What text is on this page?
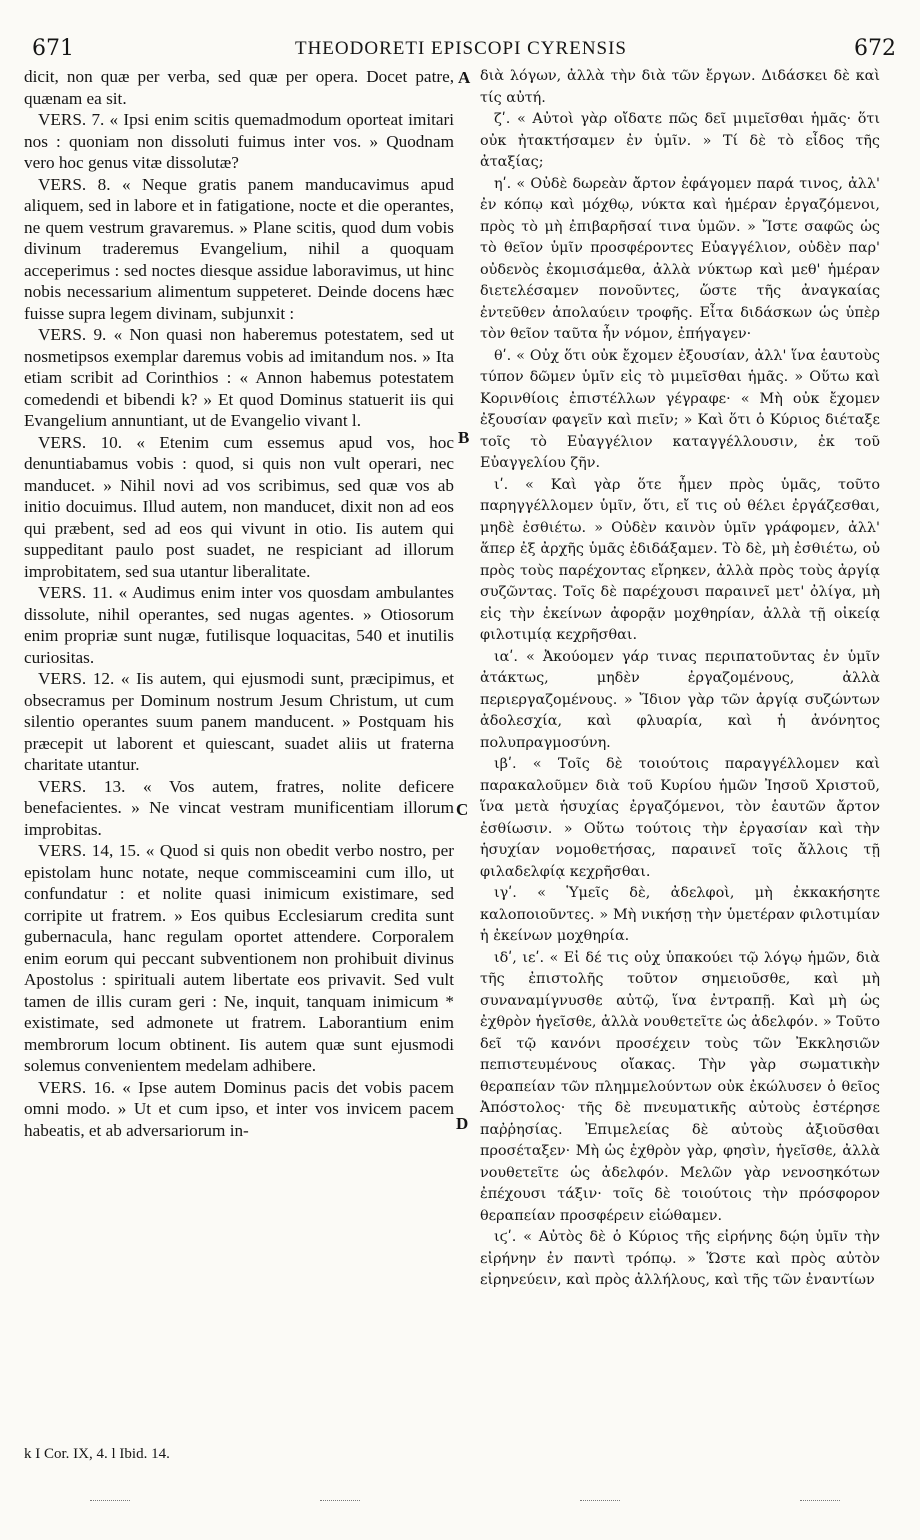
671	THEODORETI EPISCOPI CYRENSIS	672

dicit, non quæ per verba, sed quæ per opera. Docet patre, quænam ea sit.

VERS. 7. « Ipsi enim scitis quemadmodum oporteat imitari nos : quoniam non dissoluti fuimus inter vos. » Quodnam vero hoc genus vitæ dissolutæ?

VERS. 8. « Neque gratis panem manducavimus apud aliquem, sed in labore et in fatigatione, nocte et die operantes, ne quem vestrum gravaremus. » Plane scitis, quod dum vobis divinum traderemus Evangelium, nihil a quoquam acceperimus : sed noctes diesque assidue laboravimus, ut hinc nobis necessarium alimentum suppeteret. Deinde docens hæc fuisse supra legem divinam, subjunxit :

VERS. 9. « Non quasi non haberemus potestatem, sed ut nosmetipsos exemplar daremus vobis ad imitandum nos. » Ita etiam scribit ad Corinthios : « Annon habemus potestatem comedendi et bibendi k? » Et quod Dominus statuerit iis qui Evangelium annuntiant, ut de Evangelio vivant l.

VERS. 10. « Etenim cum essemus apud vos, hoc denuntiabamus vobis : quod, si quis non vult operari, nec manducet. » Nihil novi ad vos scribimus, sed quæ vos ab initio docuimus. Illud autem, non manducet, dixit non ad eos qui præbent, sed ad eos qui vivunt in otio. Iis autem qui suppeditant paulo post suadet, ne respiciant ad illorum improbitatem, sed sua utantur liberalitate.

VERS. 11. « Audimus enim inter vos quosdam ambulantes dissolute, nihil operantes, sed nugas agentes. » Otiosorum enim propriæ sunt nugæ, futilisque loquacitas, 540 et inutilis curiositas.

VERS. 12. « Iis autem, qui ejusmodi sunt, præcipimus, et obsecramus per Dominum nostrum Jesum Christum, ut cum silentio operantes suum panem manducent. » Postquam his præcepit ut laborent et quiescant, suadet aliis ut fraterna charitate utantur.

VERS. 13. « Vos autem, fratres, nolite deficere benefacientes. » Ne vincat vestram munificentiam illorum improbitas.

VERS. 14, 15. « Quod si quis non obedit verbo nostro, per epistolam hunc notate, neque commisceamini cum illo, ut confundatur : et nolite quasi inimicum existimare, sed corripite ut fratrem. » Eos quibus Ecclesiarum credita sunt gubernacula, hanc regulam oportet attendere. Corporalem enim eorum qui peccant subventionem non prohibuit divinus Apostolus : spirituali autem libertate eos privavit. Sed vult tamen de illis curam geri : Ne, inquit, tanquam inimicum * existimate, sed admonete ut fratrem. Laborantium enim membrorum locum obtinent. Iis autem quæ sunt ejusmodi solemus convenientem medelam adhibere.

VERS. 16. « Ipse autem Dominus pacis det vobis pacem omni modo. » Ut et cum ipso, et inter vos invicem pacem habeatis, et ab adversariorum in-

A
B
C
D

διὰ λόγων, ἀλλὰ τὴν διὰ τῶν ἔργων. Διδάσκει δὲ καὶ τίς αὐτή.

ζʹ. « Αὐτοὶ γὰρ οἴδατε πῶς δεῖ μιμεῖσθαι ἡμᾶς· ὅτι οὐκ ἠτακτήσαμεν ἐν ὑμῖν. » Τί δὲ τὸ εἶδος τῆς ἀταξίας;

ηʹ. « Οὐδὲ δωρεὰν ἄρτον ἐφάγομεν παρά τινος, ἀλλ' ἐν κόπῳ καὶ μόχθῳ, νύκτα καὶ ἡμέραν ἐργαζόμενοι, πρὸς τὸ μὴ ἐπιβαρῆσαί τινα ὑμῶν. » Ἴστε σαφῶς ὡς τὸ θεῖον ὑμῖν προσφέροντες Εὐαγγέλιον, οὐδὲν παρ' οὐδενὸς ἐκομισάμεθα, ἀλλὰ νύκτωρ καὶ μεθ' ἡμέραν διετελέσαμεν πονοῦντες, ὥστε τῆς ἀναγκαίας ἐντεῦθεν ἀπολαύειν τροφῆς. Εἶτα διδάσκων ὡς ὑπὲρ τὸν θεῖον ταῦτα ἦν νόμον, ἐπήγαγεν·

θʹ. « Οὐχ ὅτι οὐκ ἔχομεν ἐξουσίαν, ἀλλ' ἵνα ἑαυτοὺς τύπον δῶμεν ὑμῖν εἰς τὸ μιμεῖσθαι ἡμᾶς. » Οὕτω καὶ Κορινθίοις ἐπιστέλλων γέγραφε· « Μὴ οὐκ ἔχομεν ἐξουσίαν φαγεῖν καὶ πιεῖν; » Καὶ ὅτι ὁ Κύριος διέταξε τοῖς τὸ Εὐαγγέλιον καταγγέλλουσιν, ἐκ τοῦ Εὐαγγελίου ζῆν.

ιʹ. « Καὶ γὰρ ὅτε ἦμεν πρὸς ὑμᾶς, τοῦτο παρηγγέλλομεν ὑμῖν, ὅτι, εἴ τις οὐ θέλει ἐργάζεσθαι, μηδὲ ἐσθιέτω. » Οὐδὲν καινὸν ὑμῖν γράφομεν, ἀλλ' ἅπερ ἐξ ἀρχῆς ὑμᾶς ἐδιδάξαμεν. Τὸ δὲ, μὴ ἐσθιέτω, οὐ πρὸς τοὺς παρέχοντας εἴρηκεν, ἀλλὰ πρὸς τοὺς ἀργίᾳ συζῶντας. Τοῖς δὲ παρέχουσι παραινεῖ μετ' ὀλίγα, μὴ εἰς τὴν ἐκείνων ἀφορᾷν μοχθηρίαν, ἀλλὰ τῇ οἰκείᾳ φιλοτιμίᾳ κεχρῆσθαι.

ιαʹ. « Ἀκούομεν γάρ τινας περιπατοῦντας ἐν ὑμῖν ἀτάκτως, μηδὲν ἐργαζομένους, ἀλλὰ περιεργαζομένους. » Ἴδιον γὰρ τῶν ἀργίᾳ συζώντων ἀδολεσχία, καὶ φλυαρία, καὶ ἡ ἀνόνητος πολυπραγμοσύνη.

ιβʹ. « Τοῖς δὲ τοιούτοις παραγγέλλομεν καὶ παρακαλοῦμεν διὰ τοῦ Κυρίου ἡμῶν Ἰησοῦ Χριστοῦ, ἵνα μετὰ ἡσυχίας ἐργαζόμενοι, τὸν ἑαυτῶν ἄρτον ἐσθίωσιν. » Οὕτω τούτοις τὴν ἐργασίαν καὶ τὴν ἡσυχίαν νομοθετήσας, παραινεῖ τοῖς ἄλλοις τῇ φιλαδελφίᾳ κεχρῆσθαι.

ιγʹ. « Ὑμεῖς δὲ, ἀδελφοὶ, μὴ ἐκκακήσητε καλοποιοῦντες. » Μὴ νικήσῃ τὴν ὑμετέραν φιλοτιμίαν ἡ ἐκείνων μοχθηρία.

ιδʹ, ιεʹ. « Εἰ δέ τις οὐχ ὑπακούει τῷ λόγῳ ἡμῶν, διὰ τῆς ἐπιστολῆς τοῦτον σημειοῦσθε, καὶ μὴ συναναμίγνυσθε αὐτῷ, ἵνα ἐντραπῇ. Καὶ μὴ ὡς ἐχθρὸν ἡγεῖσθε, ἀλλὰ νουθετεῖτε ὡς ἀδελφόν. » Τοῦτο δεῖ τῷ κανόνι προσέχειν τοὺς τῶν Ἐκκλησιῶν πεπιστευμένους οἴακας. Τὴν γὰρ σωματικὴν θεραπείαν τῶν πλημμελούντων οὐκ ἐκώλυσεν ὁ θεῖος Ἀπόστολος· τῆς δὲ πνευματικῆς αὐτοὺς ἐστέρησε παῤῥησίας. Ἐπιμελείας δὲ αὐτοὺς ἀξιοῦσθαι προσέταξεν· Μὴ ὡς ἐχθρὸν γὰρ, φησὶν, ἡγεῖσθε, ἀλλὰ νουθετεῖτε ὡς ἀδελφόν. Μελῶν γὰρ νενοσηκότων ἐπέχουσι τάξιν· τοῖς δὲ τοιούτοις τὴν πρόσφορον θεραπείαν προσφέρειν εἰώθαμεν.

ιϛʹ. « Αὐτὸς δὲ ὁ Κύριος τῆς εἰρήνης δῴη ὑμῖν τὴν εἰρήνην ἐν παντὶ τρόπῳ. » Ὥστε καὶ πρὸς αὐτὸν εἰρηνεύειν, καὶ πρὸς ἀλλήλους, καὶ τῆς τῶν ἐναντίων

k I Cor. IX, 4. l Ibid. 14.
